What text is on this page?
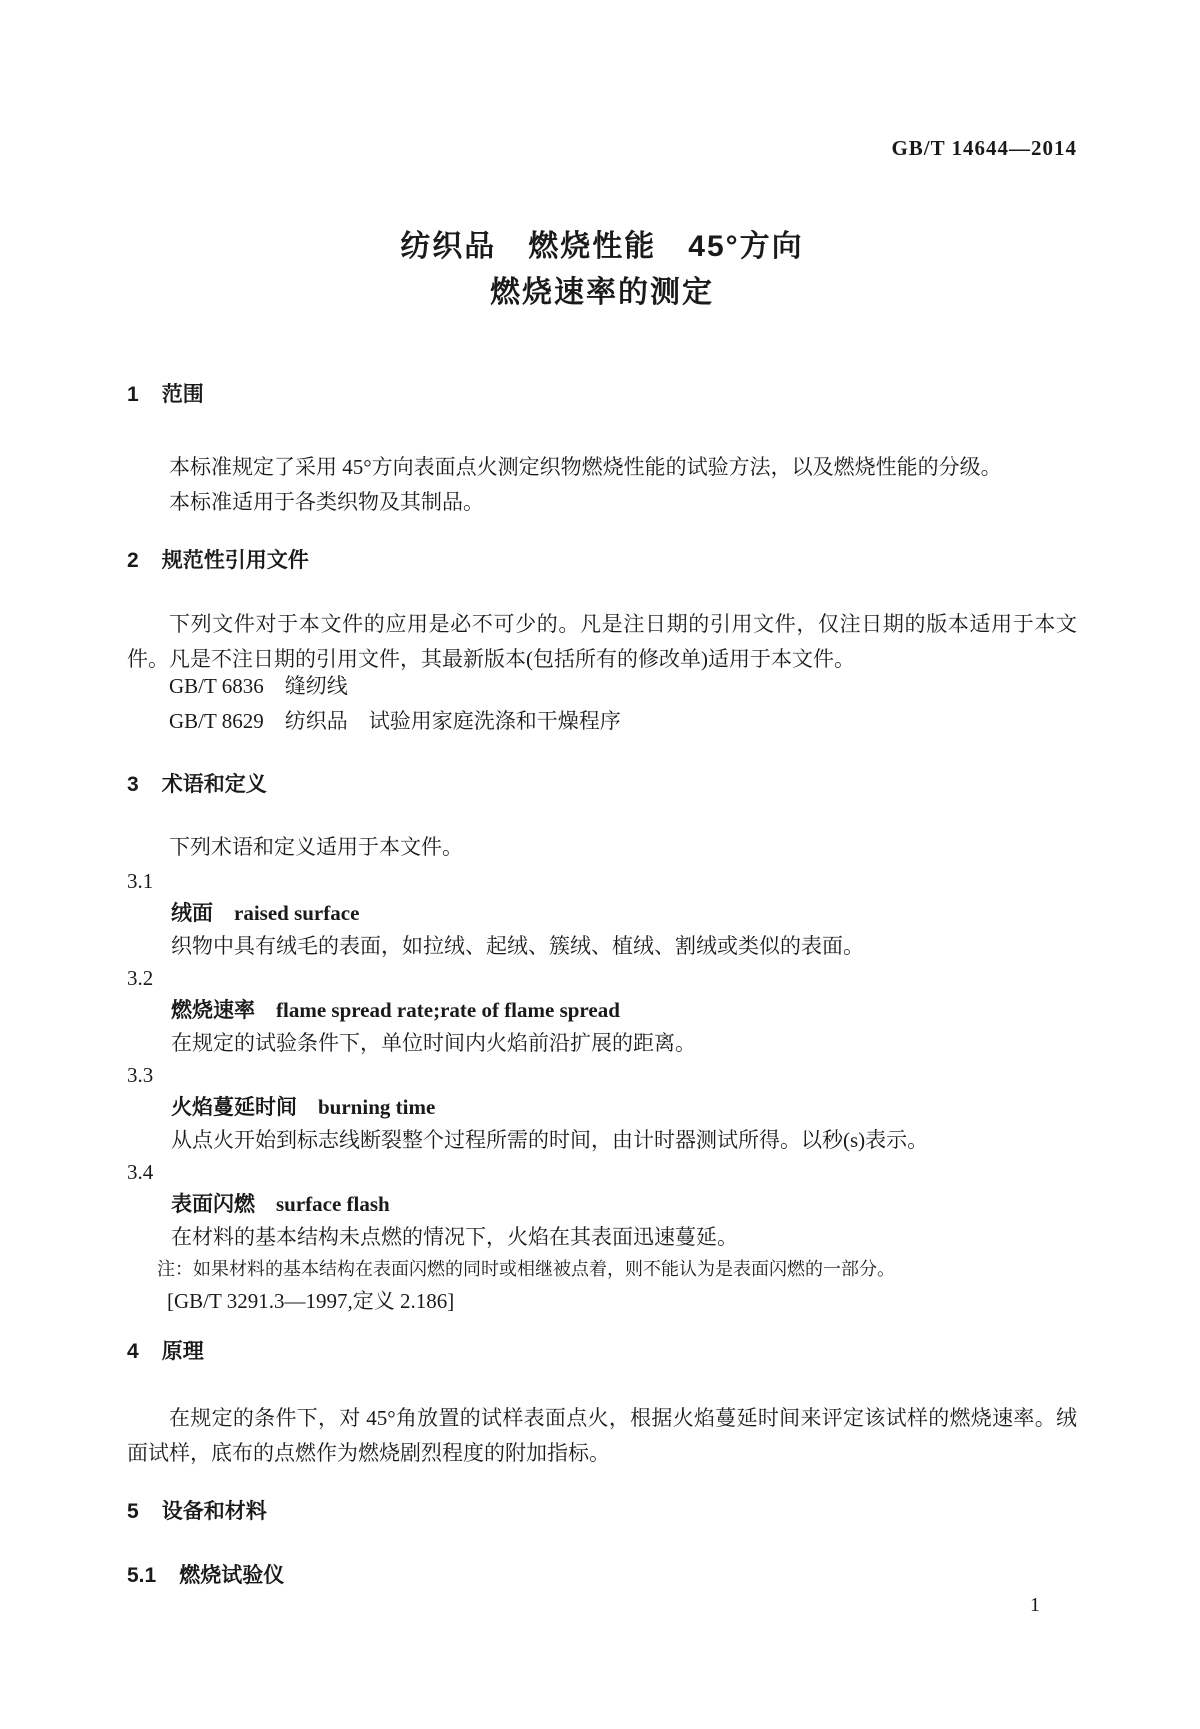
GB/T 14644—2014
纺织品　燃烧性能　45°方向
燃烧速率的测定
1 范围
本标准规定了采用 45°方向表面点火测定织物燃烧性能的试验方法，以及燃烧性能的分级。
本标准适用于各类织物及其制品。
2 规范性引用文件
下列文件对于本文件的应用是必不可少的。凡是注日期的引用文件，仅注日期的版本适用于本文件。凡是不注日期的引用文件，其最新版本(包括所有的修改单)适用于本文件。
GB/T 6836　缝纫线
GB/T 8629　纺织品　试验用家庭洗涤和干燥程序
3 术语和定义
下列术语和定义适用于本文件。
3.1
绒面 raised surface
织物中具有绒毛的表面，如拉绒、起绒、簇绒、植绒、割绒或类似的表面。
3.2
燃烧速率 flame spread rate;rate of flame spread
在规定的试验条件下，单位时间内火焰前沿扩展的距离。
3.3
火焰蔓延时间 burning time
从点火开始到标志线断裂整个过程所需的时间，由计时器测试所得。以秒(s)表示。
3.4
表面闪燃 surface flash
在材料的基本结构未点燃的情况下，火焰在其表面迅速蔓延。
注：如果材料的基本结构在表面闪燃的同时或相继被点着，则不能认为是表面闪燃的一部分。
[GB/T 3291.3—1997,定义 2.186]
4 原理
在规定的条件下，对 45°角放置的试样表面点火，根据火焰蔓延时间来评定该试样的燃烧速率。绒面试样，底布的点燃作为燃烧剧烈程度的附加指标。
5 设备和材料
5.1 燃烧试验仪
1
